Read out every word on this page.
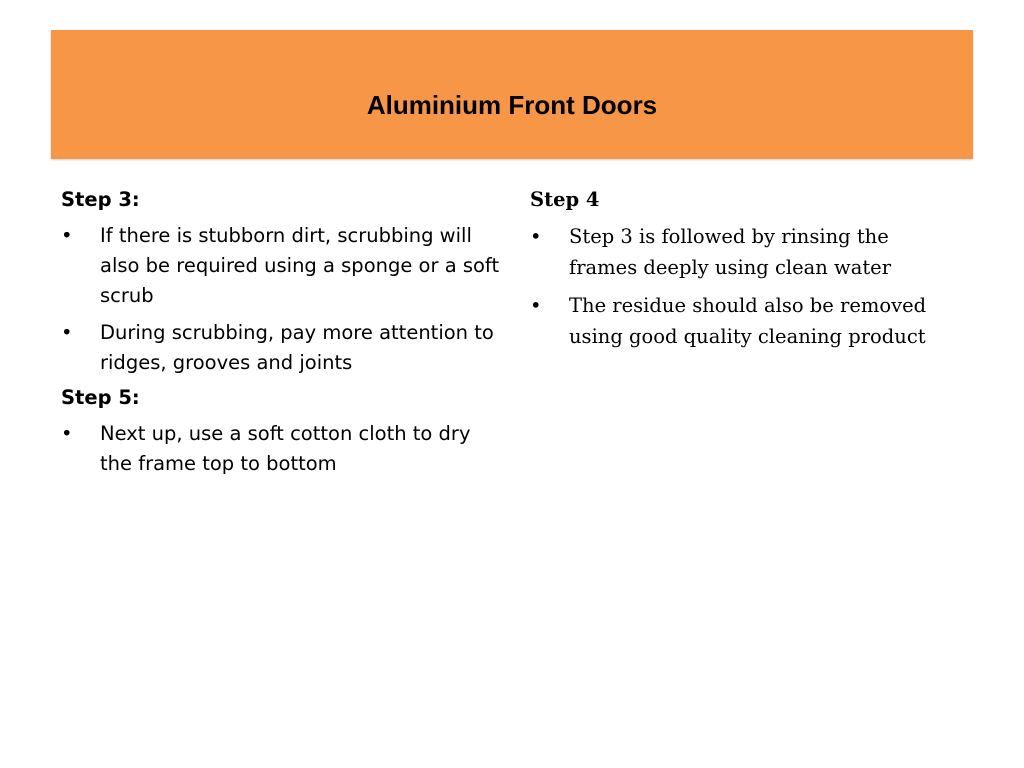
Aluminium Front Doors

Step 3:

•	If there is stubborn dirt, scrubbing will also be required using a sponge or a soft scrub
•	During scrubbing, pay more attention to ridges, grooves and joints

Step 5:

•	Next up, use a soft cotton cloth to dry the frame top to bottom

Step 4

•	Step 3 is followed by rinsing the frames deeply using clean water
•	The residue should also be removed using good quality cleaning product
